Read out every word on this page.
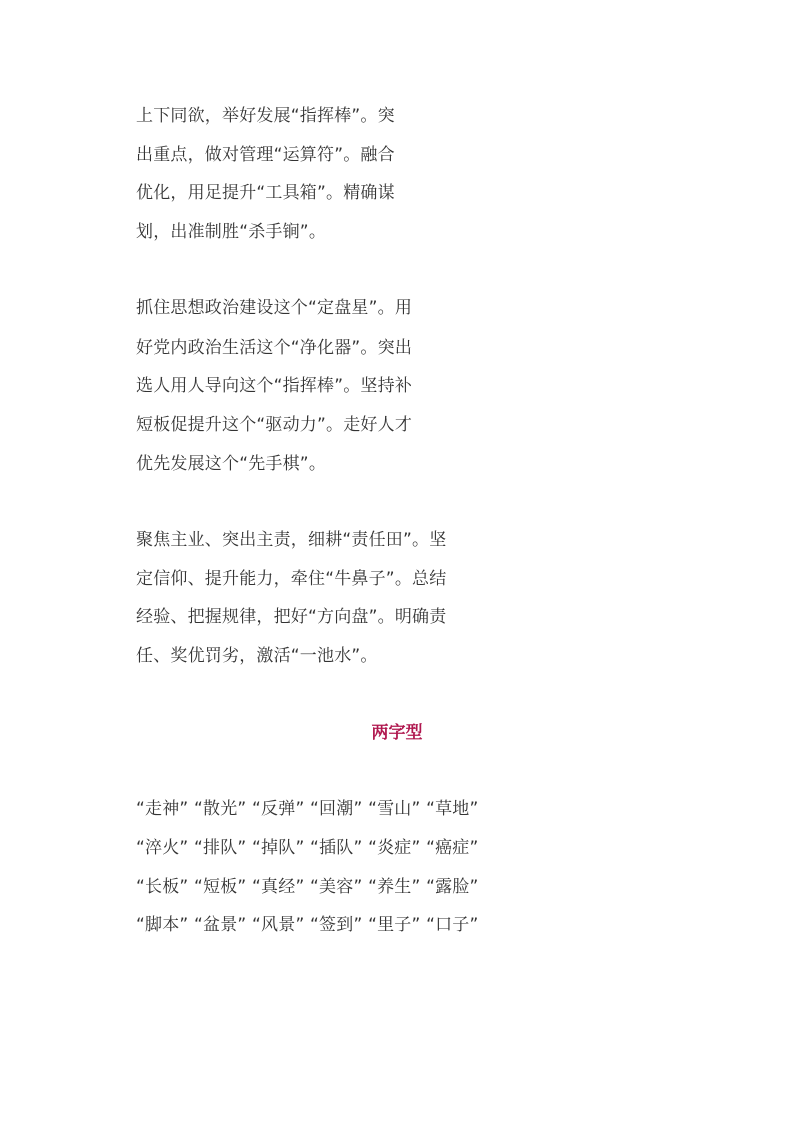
上下同欲，举好发展“指挥棒”。突
出重点，做对管理“运算符”。融合
优化，用足提升“工具箱”。精确谋
划，出准制胜“杀手锏”。
抓住思想政治建设这个“定盘星”。用
好党内政治生活这个“净化器”。突出
选人用人导向这个“指挥棒”。坚持补
短板促提升这个“驱动力”。走好人才
优先发展这个“先手棋”。
聚焦主业、突出主责，细耕“责任田”。坚
定信仰、提升能力，牵住“牛鼻子”。总结
经验、把握规律，把好“方向盘”。明确责
任、奖优罚劣，激活“一池水”。
两字型
“走神” “散光” “反弹” “回潮” “雪山” “草地”
“淬火” “排队” “掉队” “插队” “炎症” “癌症”
“长板” “短板” “真经” “美容” “养生” “露脸”
“脚本” “盆景” “风景” “签到” “里子” “口子”
